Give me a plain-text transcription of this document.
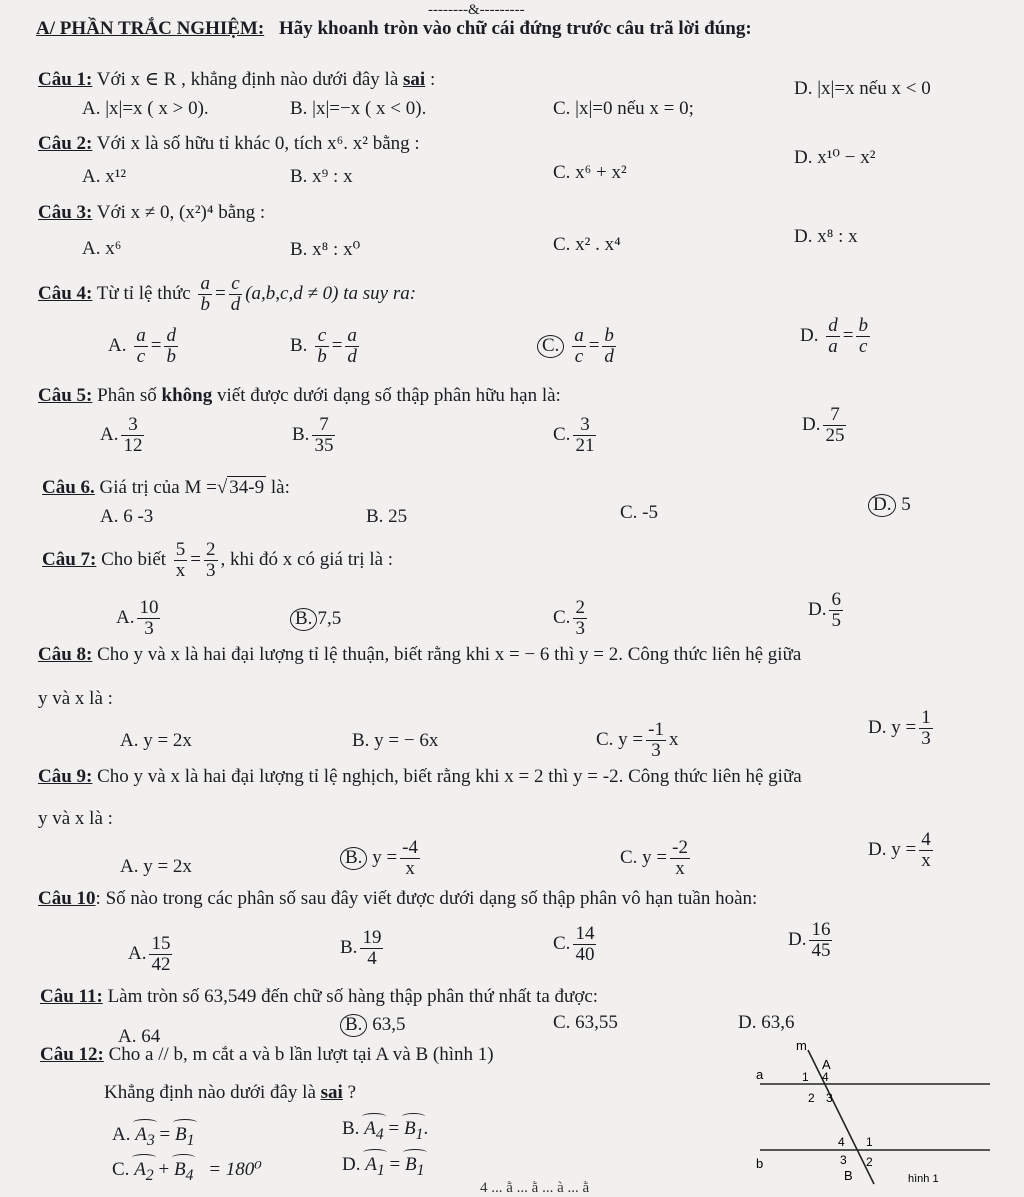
--------&---------
A/ PHẦN TRẮC NGHIỆM: Hãy khoanh tròn vào chữ cái đứng trước câu trã lời đúng:
Câu 1: Với x ∈ R , khẳng định nào dưới đây là sai :
A. |x|=x ( x > 0).	B. |x|=−x ( x < 0).	C. |x|=0 nếu x = 0;
D. |x|=x nếu x < 0
Câu 2: Với x là số hữu tỉ khác 0, tích x⁶. x² bằng :
A. x¹²	B. x⁹ : x	C. x⁶ + x²
D. x¹⁰ − x²
Câu 3: Với x ≠ 0, (x²)⁴ bằng :
A. x⁶	B. x⁸ : x⁰	C. x² . x⁴	D. x⁸ : x
Câu 4: Từ tỉ lệ thức $\frac{a}{b} = \frac{c}{d} (a,b,c,d \ne 0)$ ta suy ra:
A. $\frac{a}{c} = \frac{d}{b}$	B. $\frac{c}{b} = \frac{a}{d}$	C. $\frac{a}{c} = \frac{b}{d}$	D. $\frac{d}{a} = \frac{b}{c}$
Câu 5: Phân số không viết được dưới dạng số thập phân hữu hạn là:
A. $\frac{3}{12}$	B. $\frac{7}{35}$	C. $\frac{3}{21}$	D. $\frac{7}{25}$
Câu 6. Giá trị của M =√ 34-9 là:
A. 6 -3	B. 25	C. -5	D. 5
Câu 7: Cho biết $\frac{5}{x} = \frac{2}{3}$ , khi đó x có giá trị là :
A. $\frac{10}{3}$	B. 7,5	C. $\frac{2}{3}$	D. $\frac{6}{5}$
Câu 8: Cho y và x là hai đại lượng tỉ lệ thuận, biết rằng khi x = − 6 thì y = 2. Công thức liên hệ giữa
y và x là :
A. y = 2x	B. y = − 6x	C. $y = \frac{-1}{3}$ x
D. $y = \frac{1}{3}$
Câu 9: Cho y và x là hai đại lượng tỉ lệ nghịch, biết rằng khi x = 2 thì y = -2. Công thức liên hệ giữa
y và x là :
A. y = 2x	B. $y = \frac{-4}{x}$	C. $y = \frac{-2}{x}$	D. $y = \frac{4}{x}$
Câu 10: Số nào trong các phân số sau đây viết được dưới dạng số thập phân vô hạn tuần hoàn:
A. $\frac{15}{42}$	B. $\frac{19}{4}$	C. $\frac{14}{40}$	D. $\frac{16}{45}$
Câu 11: Làm tròn số 63,549 đến chữ số hàng thập phân thứ nhất ta được:
A. 64
B. 63,5	C. 63,55	D. 63,6
Câu 12: Cho a // b, m cắt a và b lần lượt tại A và B (hình 1)
Khẳng định nào dưới đây là sai ?
A. $A_3 = B_1$
B. $A_4 = B_1$.
C. $A_2 + B_4 = 180^0$	D. $A_1 = B_1$
m
a
b
A
B
1 4
2 3
4 1
3 2
hình 1
4 ... ằ ... ằ ... à ... ằ
